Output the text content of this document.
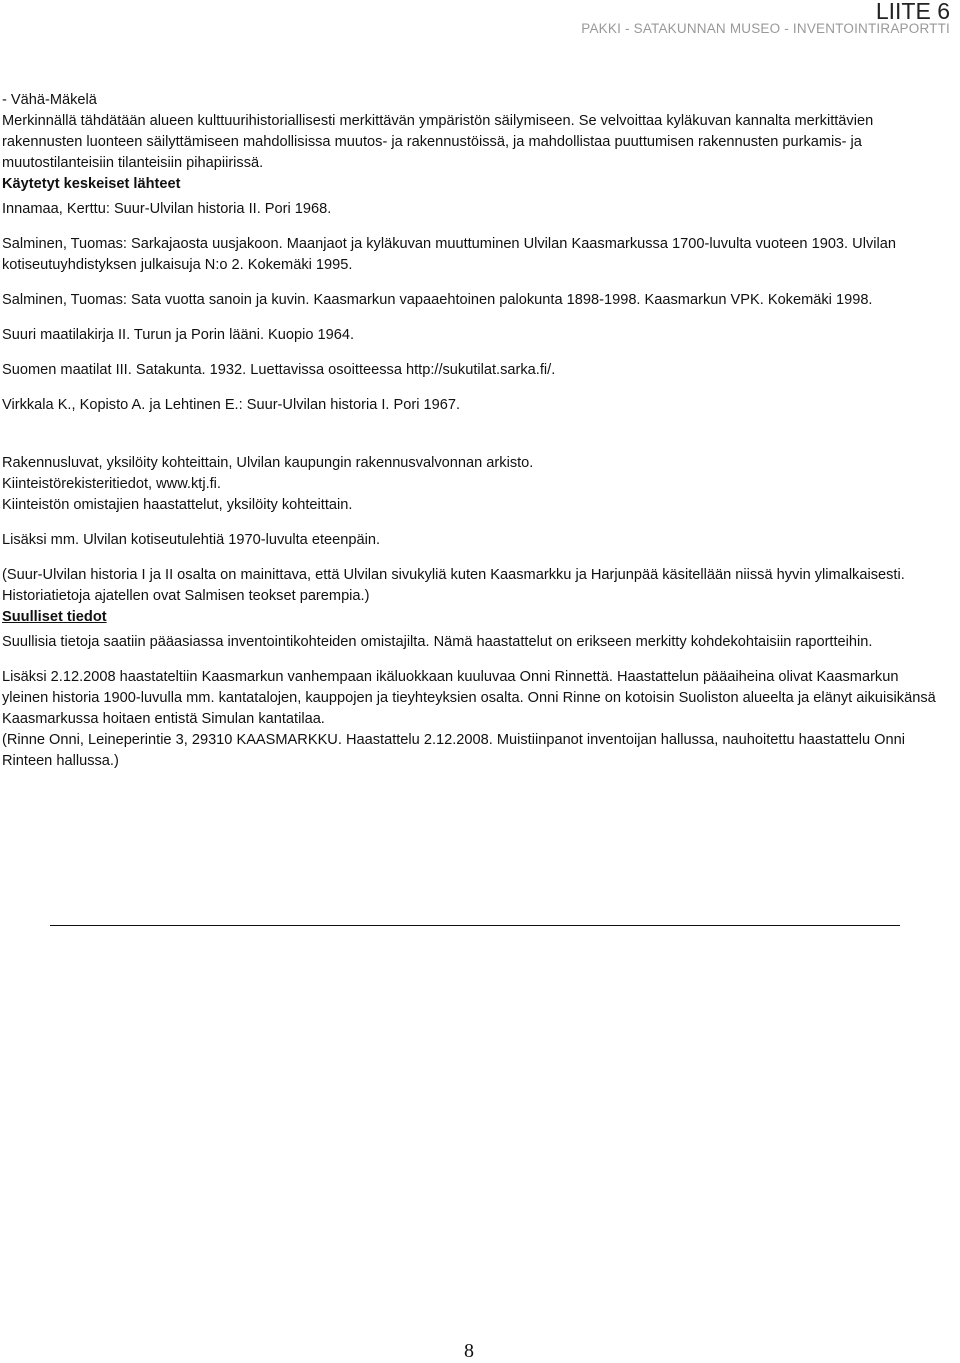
LIITE 6
PAKKI - SATAKUNNAN MUSEO - INVENTOINTIRAPORTTI

- Vähä-Mäkelä

Merkinnällä tähdätään alueen kulttuurihistoriallisesti merkittävän ympäristön säilymiseen. Se velvoittaa kyläkuvan kannalta merkittävien rakennusten luonteen säilyttämiseen mahdollisissa muutos- ja rakennustöissä, ja mahdollistaa puuttumisen rakennusten purkamis- ja muutostilanteisiin tilanteisiin pihapiirissä.

Käytetyt keskeiset lähteet

Innamaa, Kerttu: Suur-Ulvilan historia II. Pori 1968.

Salminen, Tuomas: Sarkajaosta uusjakoon. Maanjaot ja kyläkuvan muuttuminen Ulvilan Kaasmarkussa 1700-luvulta vuoteen 1903. Ulvilan kotiseutuyhdistyksen julkaisuja N:o 2. Kokemäki 1995.

Salminen, Tuomas: Sata vuotta sanoin ja kuvin. Kaasmarkun vapaaehtoinen palokunta 1898-1998. Kaasmarkun VPK. Kokemäki 1998.

Suuri maatilakirja II. Turun ja Porin lääni. Kuopio 1964.

Suomen maatilat III. Satakunta. 1932. Luettavissa osoitteessa http://sukutilat.sarka.fi/.

Virkkala K., Kopisto A. ja Lehtinen E.: Suur-Ulvilan historia I. Pori 1967.

Rakennusluvat, yksilöity kohteittain, Ulvilan kaupungin rakennusvalvonnan arkisto.

Kiinteistörekisteritiedot, www.ktj.fi.

Kiinteistön omistajien haastattelut, yksilöity kohteittain.

Lisäksi mm. Ulvilan kotiseutulehtiä 1970-luvulta eteenpäin.

(Suur-Ulvilan historia I ja II osalta on mainittava, että Ulvilan sivukyliä kuten Kaasmarkku ja Harjunpää käsitellään niissä hyvin ylimalkaisesti. Historiatietoja ajatellen ovat Salmisen teokset parempia.)

Suulliset tiedot

Suullisia tietoja saatiin pääasiassa inventointikohteiden omistajilta. Nämä haastattelut on erikseen merkitty kohdekohtaisiin raportteihin.

Lisäksi 2.12.2008 haastateltiin Kaasmarkun vanhempaan ikäluokkaan kuuluvaa Onni Rinnettä. Haastattelun pääaiheina olivat Kaasmarkun yleinen historia 1900-luvulla mm. kantatalojen, kauppojen ja tieyhteyksien osalta. Onni Rinne on kotoisin Suoliston alueelta ja elänyt aikuisikänsä Kaasmarkussa hoitaen entistä Simulan kantatilaa.

(Rinne Onni, Leineperintie 3, 29310 KAASMARKKU. Haastattelu 2.12.2008. Muistiinpanot inventoijan hallussa, nauhoitettu haastattelu Onni Rinteen hallussa.)

8
